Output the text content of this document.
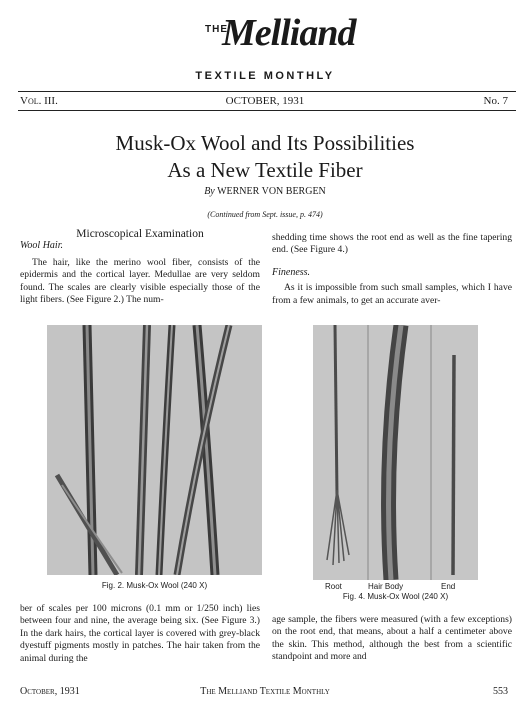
THE
Melliand
TEXTILE MONTHLY
Vol. III.	OCTOBER, 1931	No. 7
Musk-Ox Wool and Its Possibilities
As a New Textile Fiber
By WERNER VON BERGEN
(Continued from Sept. issue, p. 474)
Microscopical Examination
Wool Hair.

The hair, like the merino wool fiber, consists of the epidermis and the cortical layer. Medullae are very seldom found. The scales are clearly visible especially those of the light fibers. (See Figure 2.) The num-

shedding time shows the root end as well as the fine tapering end. (See Figure 4.)

Fineness.

As it is impossible from such small samples, which I have from a few animals, to get an accurate aver-

Fig. 2. Musk-Ox Wool (240 X)	Root	Hair Body	End
Fig. 4. Musk-Ox Wool (240 X)

ber of scales per 100 microns (0.1 mm or 1/250 inch) lies between four and nine, the average being six. (See Figure 3.) In the dark hairs, the cortical layer is covered with grey-black dyestuff pigments mostly in patches. The hair taken from the animal during the

age sample, the fibers were measured (with a few exceptions) on the root end, that means, about a half a centimeter above the skin. This method, although the best from a scientific standpoint and more and

October, 1931	The Melliand Textile Monthly	553
